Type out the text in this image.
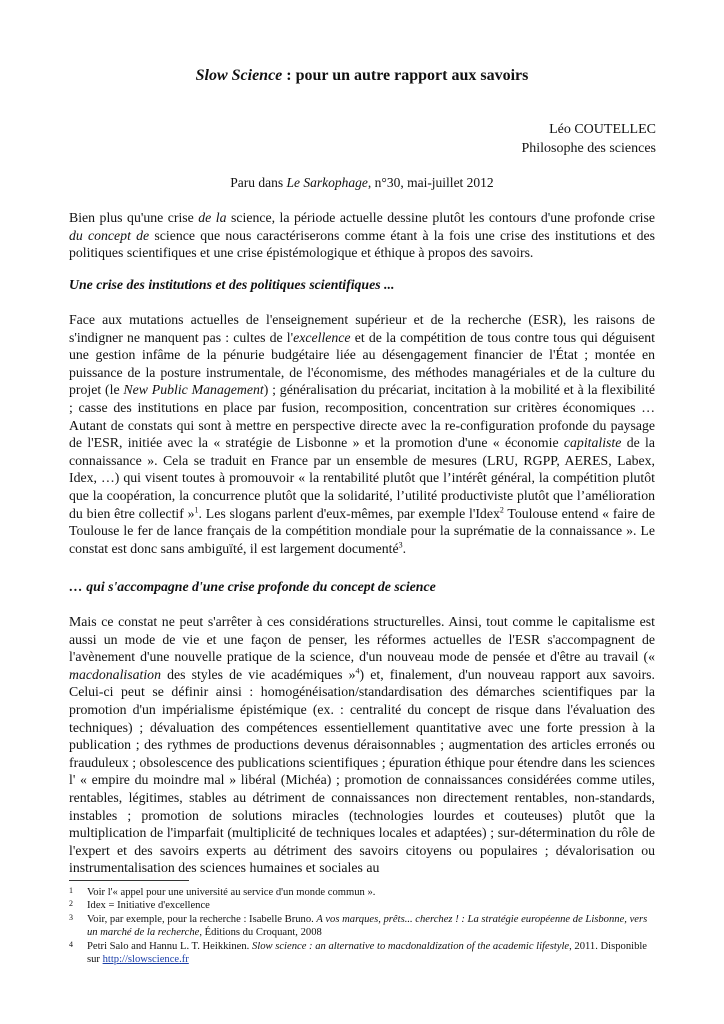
Slow Science : pour un autre rapport aux savoirs
Léo COUTELLEC
Philosophe des sciences
Paru dans Le Sarkophage, n°30, mai-juillet 2012

Bien plus qu'une crise de la science, la période actuelle dessine plutôt les contours d'une profonde crise du concept de science que nous caractériserons comme étant à la fois une crise des institutions et des politiques scientifiques et une crise épistémologique et éthique à propos des savoirs.

Une crise des institutions et des politiques scientifiques ...

Face aux mutations actuelles de l'enseignement supérieur et de la recherche (ESR), les raisons de s'indigner ne manquent pas : cultes de l'excellence et de la compétition de tous contre tous qui déguisent une gestion infâme de la pénurie budgétaire liée au désengagement financier de l'État ; montée en puissance de la posture instrumentale, de l'économisme, des méthodes managériales et de la culture du projet (le New Public Management) ; généralisation du précariat, incitation à la mobilité et à la flexibilité ; casse des institutions en place par fusion, recomposition, concentration sur critères économiques … Autant de constats qui sont à mettre en perspective directe avec la re-configuration profonde du paysage de l'ESR, initiée avec la « stratégie de Lisbonne » et la promotion d'une « économie capitaliste de la connaissance ». Cela se traduit en France par un ensemble de mesures (LRU, RGPP, AERES, Labex, Idex, …) qui visent toutes à promouvoir « la rentabilité plutôt que l’intérêt général, la compétition plutôt que la coopération, la concurrence plutôt que la solidarité, l’utilité productiviste plutôt que l’amélioration du bien être collectif »$^1$. Les slogans parlent d'eux-mêmes, par exemple l'Idex$^2$ Toulouse entend « faire de Toulouse le fer de lance français de la compétition mondiale pour la suprématie de la connaissance ». Le constat est donc sans ambiguïté, il est largement documenté$^3$.

… qui s'accompagne d'une crise profonde du concept de science

Mais ce constat ne peut s'arrêter à ces considérations structurelles. Ainsi, tout comme le capitalisme est aussi un mode de vie et une façon de penser, les réformes actuelles de l'ESR s'accompagnent de l'avènement d'une nouvelle pratique de la science, d'un nouveau mode de pensée et d'être au travail (« macdonalisation des styles de vie académiques »$^4$) et, finalement, d'un nouveau rapport aux savoirs. Celui-ci peut se définir ainsi : homogénéisation/standardisation des démarches scientifiques par la promotion d'un impérialisme épistémique (ex. : centralité du concept de risque dans l'évaluation des techniques) ; dévaluation des compétences essentiellement quantitative avec une forte pression à la publication ; des rythmes de productions devenus déraisonnables ; augmentation des articles erronés ou frauduleux ; obsolescence des publications scientifiques ; épuration éthique pour étendre dans les sciences l' « empire du moindre mal » libéral (Michéa) ; promotion de connaissances considérées comme utiles, rentables, légitimes, stables au détriment de connaissances non directement rentables, non-standards, instables ; promotion de solutions miracles (technologies lourdes et couteuses) plutôt que la multiplication de l'imparfait (multiplicité de techniques locales et adaptées) ; sur-détermination du rôle de l'expert et des savoirs experts au détriment des savoirs citoyens ou populaires ; dévalorisation ou instrumentalisation des sciences humaines et sociales au

1 Voir l'« appel pour une université au service d'un monde commun ».
2 Idex = Initiative d'excellence
3 Voir, par exemple, pour la recherche : Isabelle Bruno. A vos marques, prêts... cherchez ! : La stratégie européenne de Lisbonne, vers un marché de la recherche, Éditions du Croquant, 2008
4 Petri Salo and Hannu L. T. Heikkinen. Slow science : an alternative to macdonaldization of the academic lifestyle, 2011. Disponible sur http://slowscience.fr
